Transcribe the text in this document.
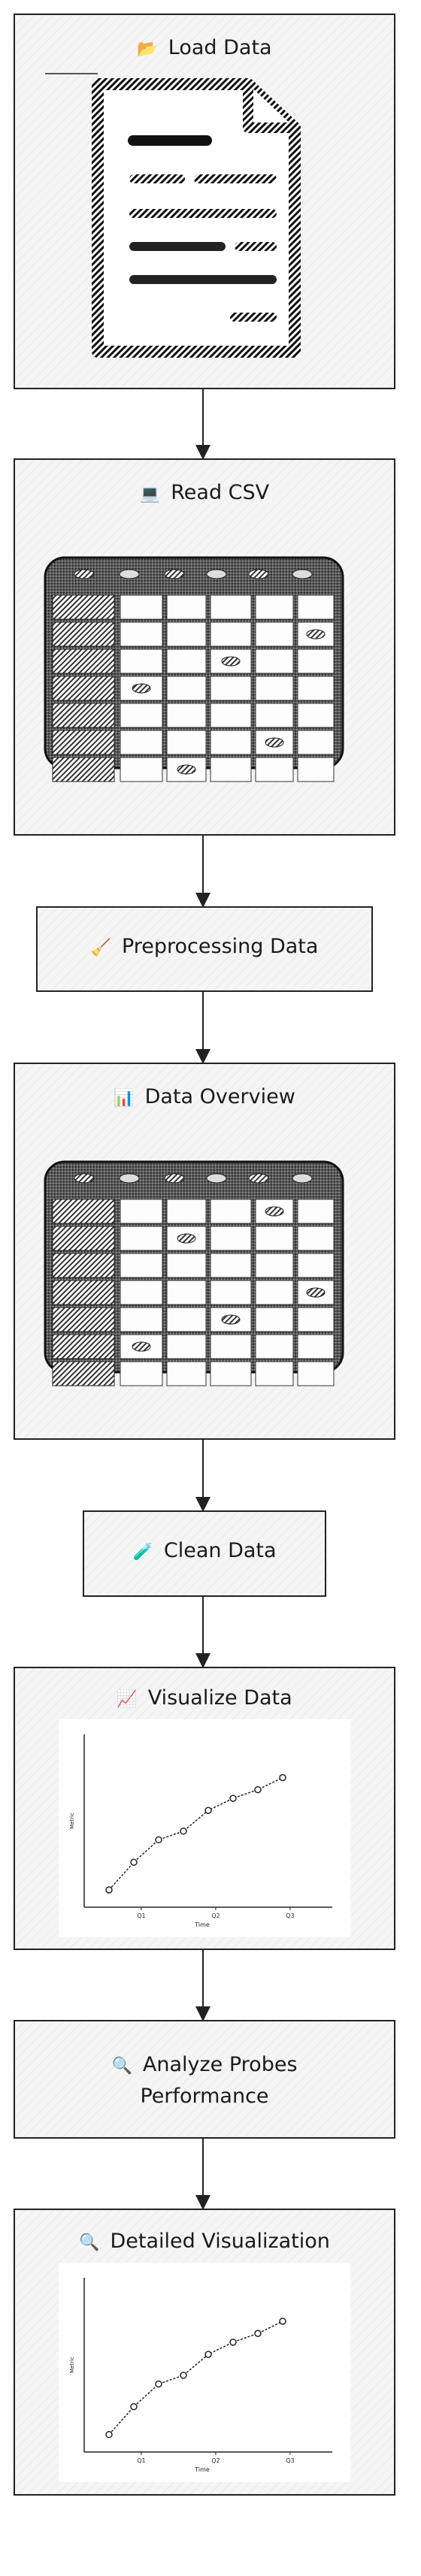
📂 Load Data
💻 Read CSV
🧹 Preprocessing Data
📊 Data Overview
🧪 Clean Data
📈 Visualize Data
Q1	Q2	Q3
Time
Metric
🔍 Analyze Probes
Performance
🔍 Detailed Visualization
Q1	Q2	Q3
Time
Metric
